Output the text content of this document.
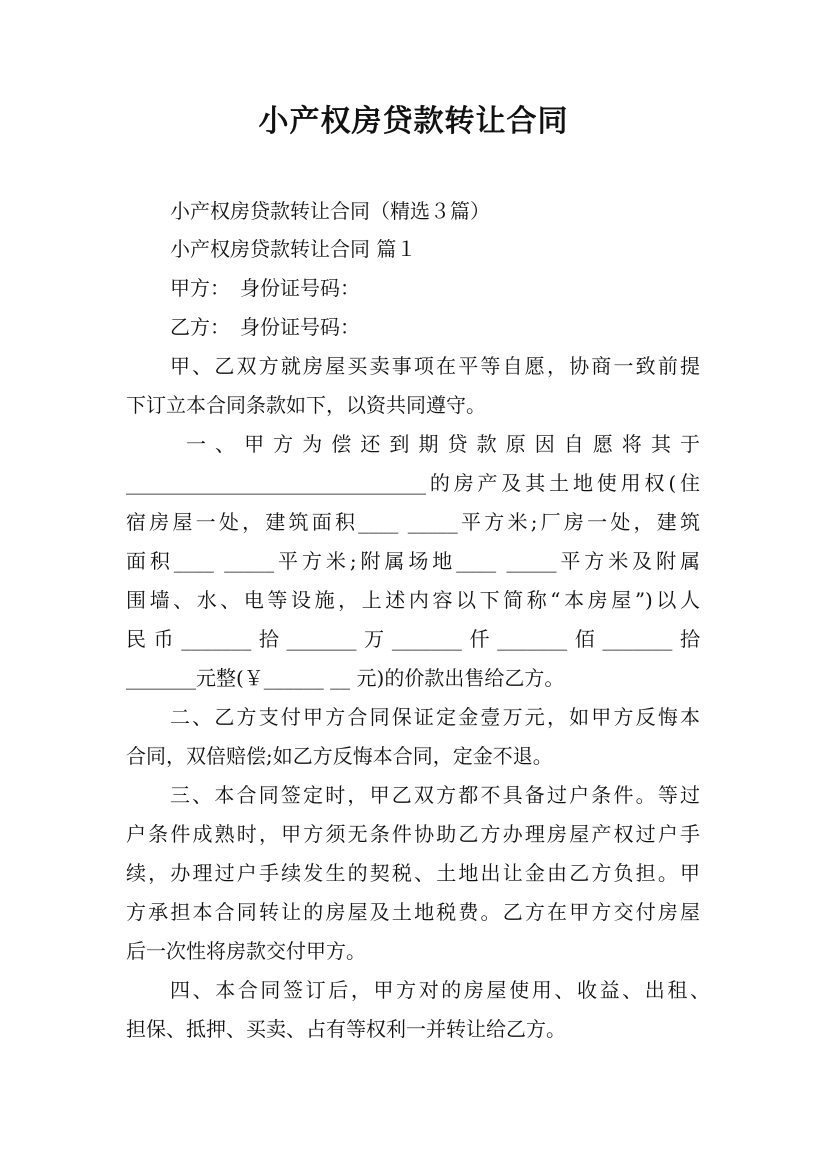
小产权房贷款转让合同
小产权房贷款转让合同（精选３篇）
小产权房贷款转让合同 篇１
甲方：　身份证号码：
乙方：　身份证号码：
甲、乙双方就房屋买卖事项在平等自愿，协商一致前提
下订立本合同条款如下，以资共同遵守。
一、甲方为偿还到期贷款原因自愿将其于
______________________________的房产及其土地使用权(住
宿房屋一处，建筑面积____ _____平方米;厂房一处，建筑
面积____ _____平方米;附属场地____ _____平方米及附属
围墙、水、电等设施，上述内容以下简称“本房屋”)以人
民币_______拾_______万_______仟_______佰_______拾
_______元整(￥______ __ 元)的价款出售给乙方。
二、乙方支付甲方合同保证定金壹万元，如甲方反悔本
合同，双倍赔偿;如乙方反悔本合同，定金不退。
三、本合同签定时，甲乙双方都不具备过户条件。等过
户条件成熟时，甲方须无条件协助乙方办理房屋产权过户手
续，办理过户手续发生的契税、土地出让金由乙方负担。甲
方承担本合同转让的房屋及土地税费。乙方在甲方交付房屋
后一次性将房款交付甲方。
四、本合同签订后，甲方对的房屋使用、收益、出租、
担保、抵押、买卖、占有等权利一并转让给乙方。
